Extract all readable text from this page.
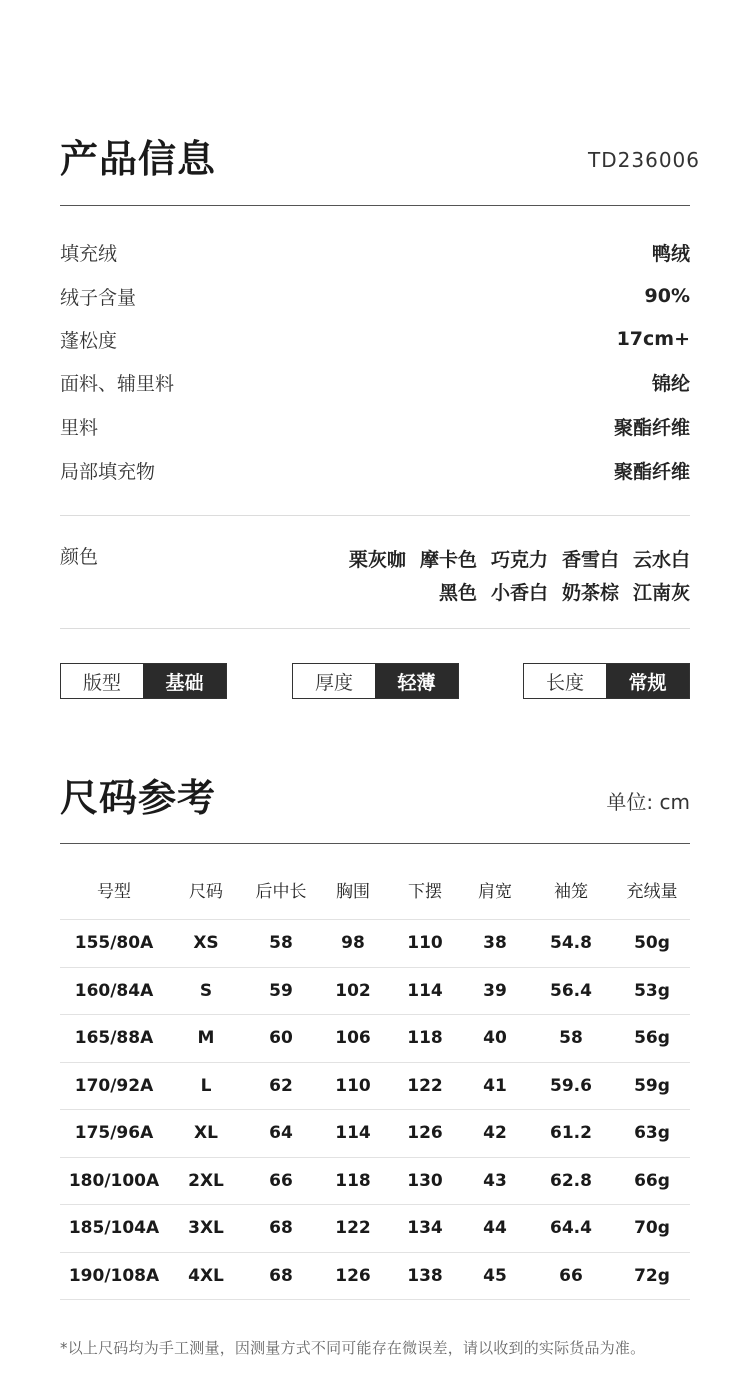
产品信息	TD236006
填充绒	鸭绒
绒子含量	90%
蓬松度	17cm+
面料、辅里料	锦纶
里料	聚酯纤维
局部填充物	聚酯纤维
颜色	栗灰咖 摩卡色 巧克力 香雪白 云水白
黑色 小香白 奶茶棕 江南灰
版型	基础	厚度	轻薄	长度	常规
尺码参考	单位: cm
号型	尺码	后中长	胸围	下摆	肩宽	袖笼	充绒量
155/80A	XS	58	98	110	38	54.8	50g
160/84A	S	59	102	114	39	56.4	53g
165/88A	M	60	106	118	40	58	56g
170/92A	L	62	110	122	41	59.6	59g
175/96A	XL	64	114	126	42	61.2	63g
180/100A	2XL	66	118	130	43	62.8	66g
185/104A	3XL	68	122	134	44	64.4	70g
190/108A	4XL	68	126	138	45	66	72g
*以上尺码均为手工测量，因测量方式不同可能存在微误差，请以收到的实际货品为准。
